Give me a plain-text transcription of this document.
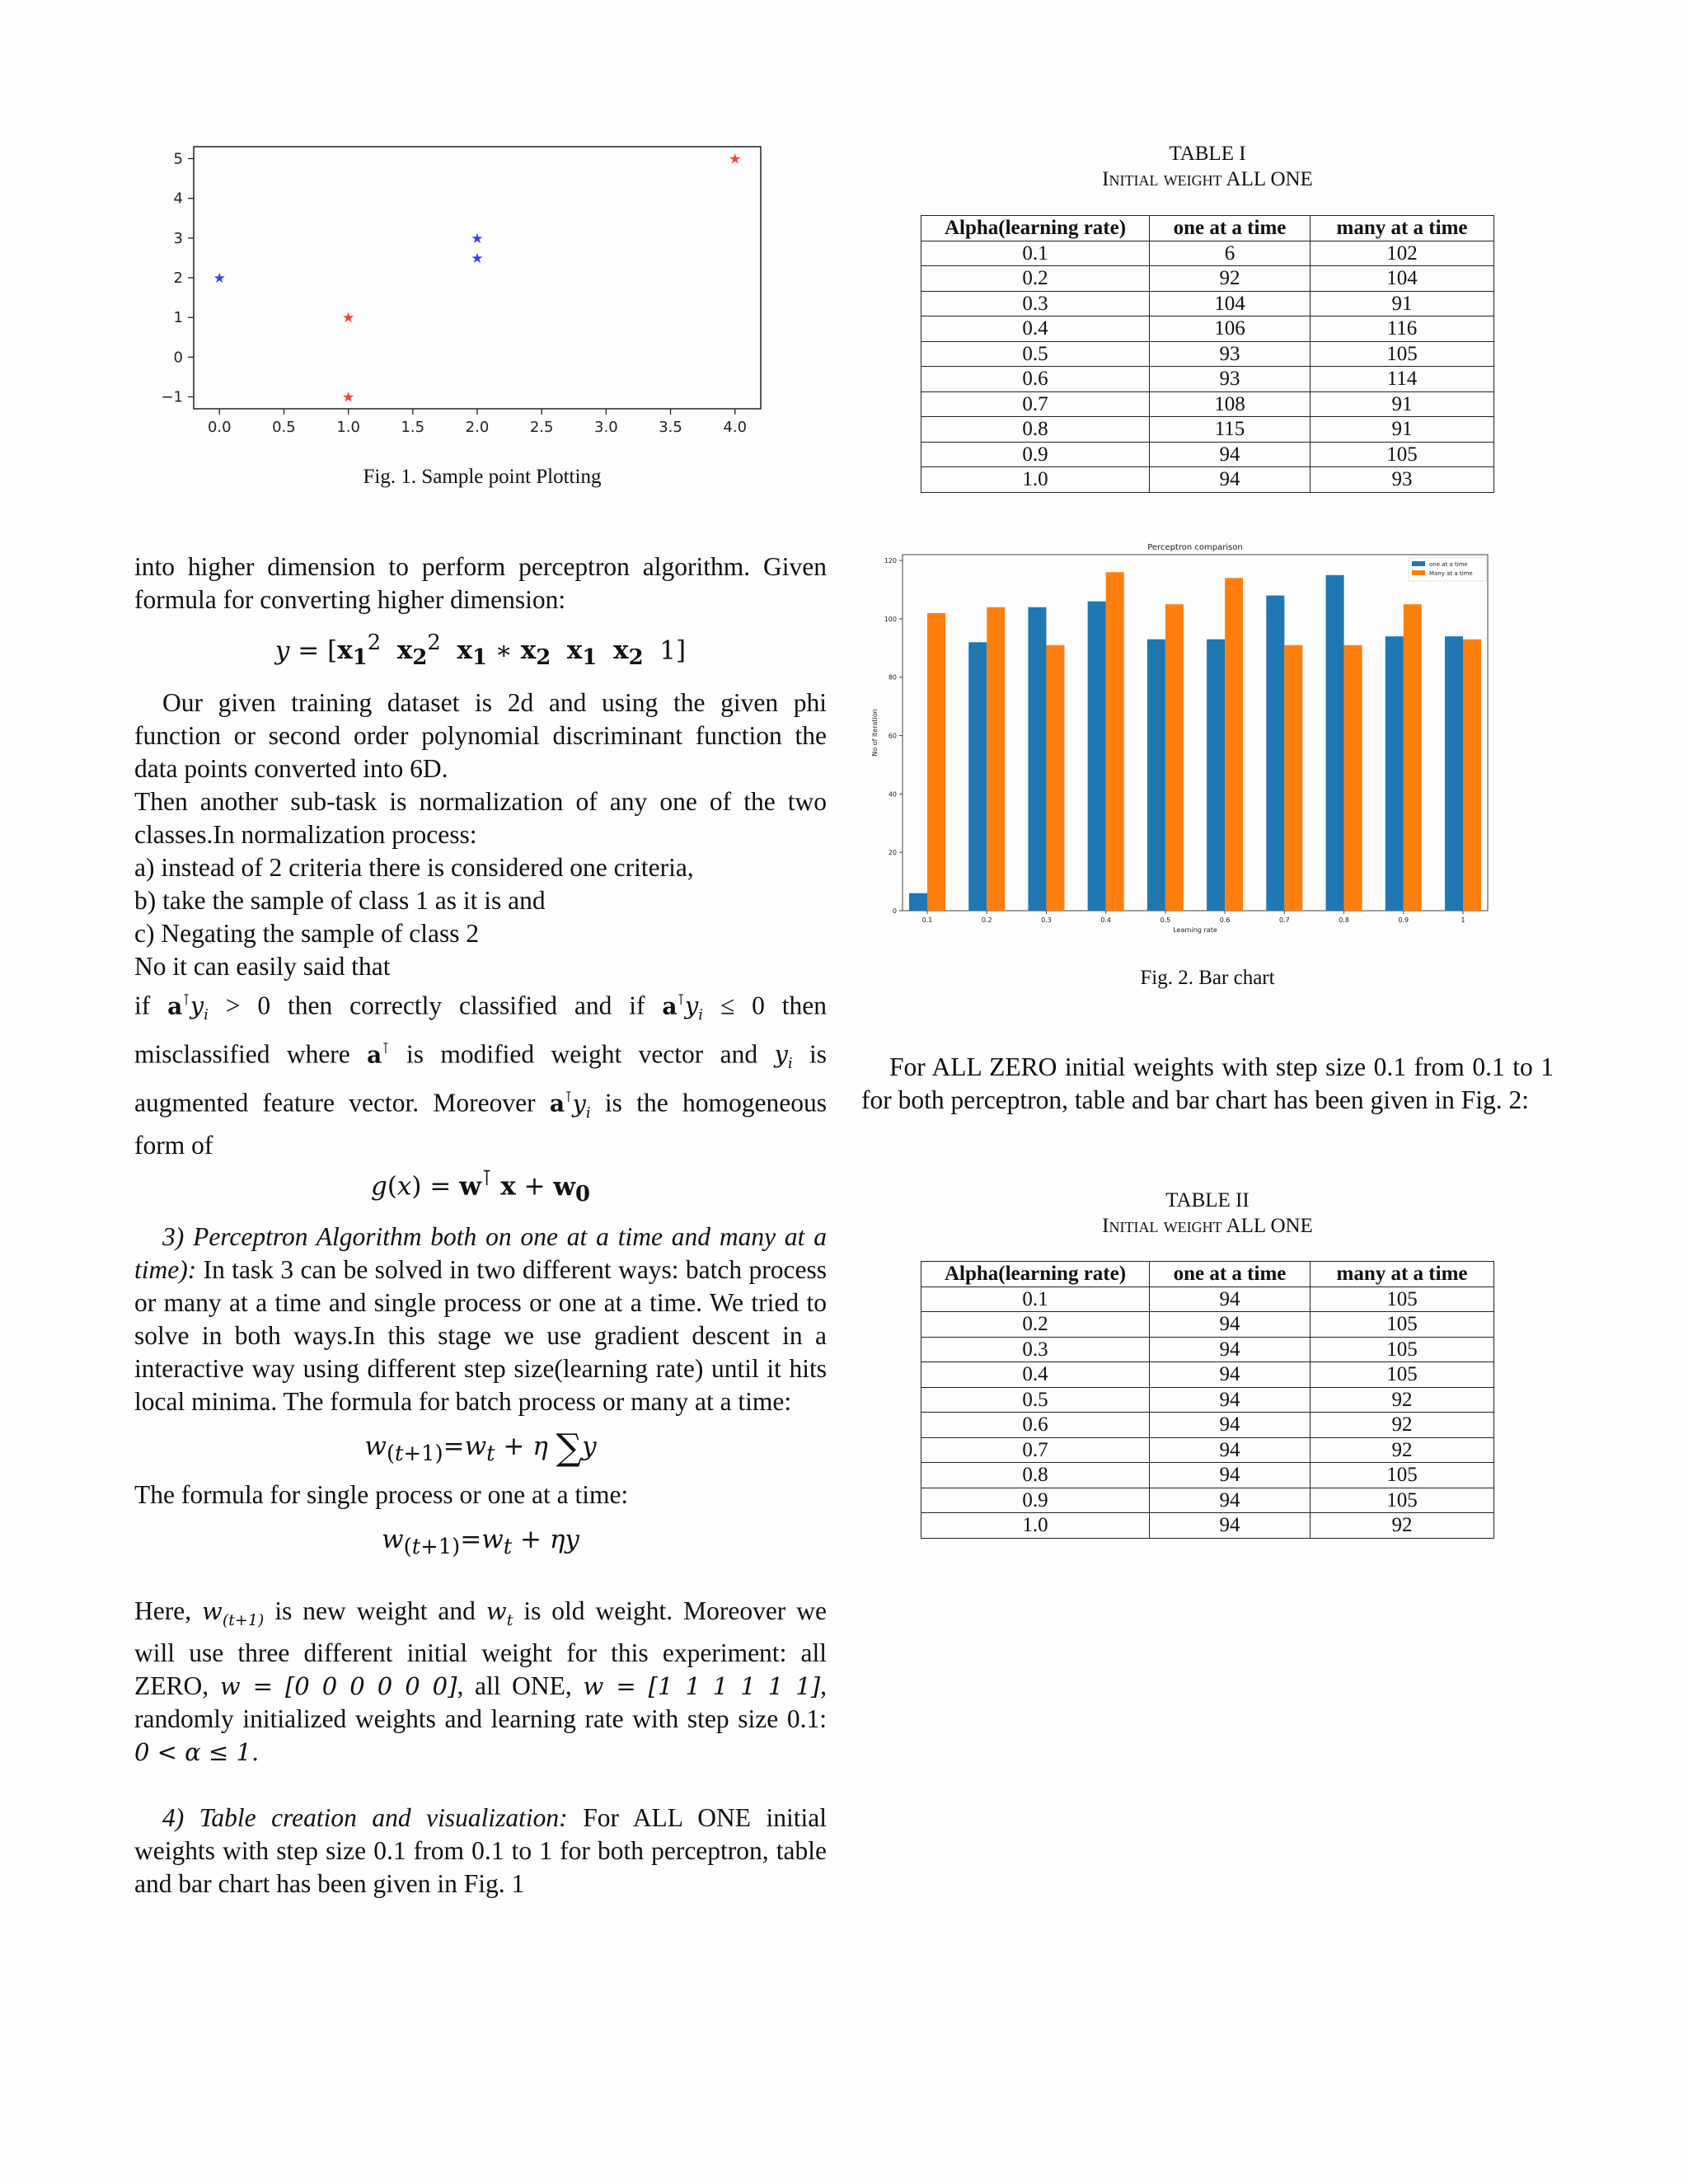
0.0	0.5	1.0	1.5	2.0	2.5	3.0	3.5	4.0
−1
0
1
2
3
4
5
★
★
★
★
★
★
Fig. 1. Sample point Plotting
TABLE I
Initial weight ALL ONE
Alpha(learning rate)	one at a time	many at a time
0.1	6	102
0.2	92	104
0.3	104	91
0.4	106	116
0.5	93	105
0.6	93	114
0.7	108	91
0.8	115	91
0.9	94	105
1.0	94	93
Perceptron comparison
0
20
40
60
80
100
120
0.1	0.2	0.3	0.4	0.5	0.6	0.7	0.8	0.9	1
Learning rate
No of iteration
one at a time
Many at a time
Fig. 2. Bar chart
TABLE II
Initial weight ALL ONE
Alpha(learning rate)	one at a time	many at a time
0.1	94	105
0.2	94	105
0.3	94	105
0.4	94	105
0.5	94	92
0.6	94	92
0.7	94	92
0.8	94	105
0.9	94	105
1.0	94	92

For ALL ZERO initial weights with step size 0.1 from 0.1 to 1 for both perceptron, table and bar chart has been given in Fig. 2:

into higher dimension to perform perceptron algorithm. Given formula for converting higher dimension:

$y = [x_1^2$ $x_2^2$ $x_1$ ∗ $x_2$ $x_1$ $x_2$  1]

Our given training dataset is 2d and using the given phi function or second order polynomial discriminant function the data points converted into 6D.

Then another sub-task is normalization of any one of the two classes.In normalization process:

a) instead of 2 criteria there is considered one criteria,

b) take the sample of class 1 as it is and

c) Negating the sample of class 2

No it can easily said that

if $a^⊺y_i > 0$ then correctly classified and if $a^⊺y_i \le 0$ then misclassified where a⊺ is modified weight vector and $y_i$ is augmented feature vector. Moreover $a^⊺y_i$ is the homogeneous form of

g(x) = w⊺ $x + w_0$

3) Perceptron Algorithm both on one at a time and many at a time): In task 3 can be solved in two different ways: batch process or many at a time and single process or one at a time. We tried to solve in both ways.In this stage we use gradient descent in a interactive way using different step size(learning rate) until it hits local minima. The formula for batch process or many at a time:

$w_{(t+1)}=w_t + \eta$ ∑y

The formula for single process or one at a time:

$w_{(t+1)}=w_t + \eta y$

Here, $w_{(t+1)}$ is new weight and $w_t$ is old weight. Moreover we will use three different initial weight for this experiment: all ZERO, w = [0 0 0 0 0 0], all ONE, w = [1 1 1 1 1 1], randomly initialized weights and learning rate with step size 0.1: 0 < α ≤ 1.

4) Table creation and visualization: For ALL ONE initial weights with step size 0.1 from 0.1 to 1 for both perceptron, table and bar chart has been given in Fig. 1
